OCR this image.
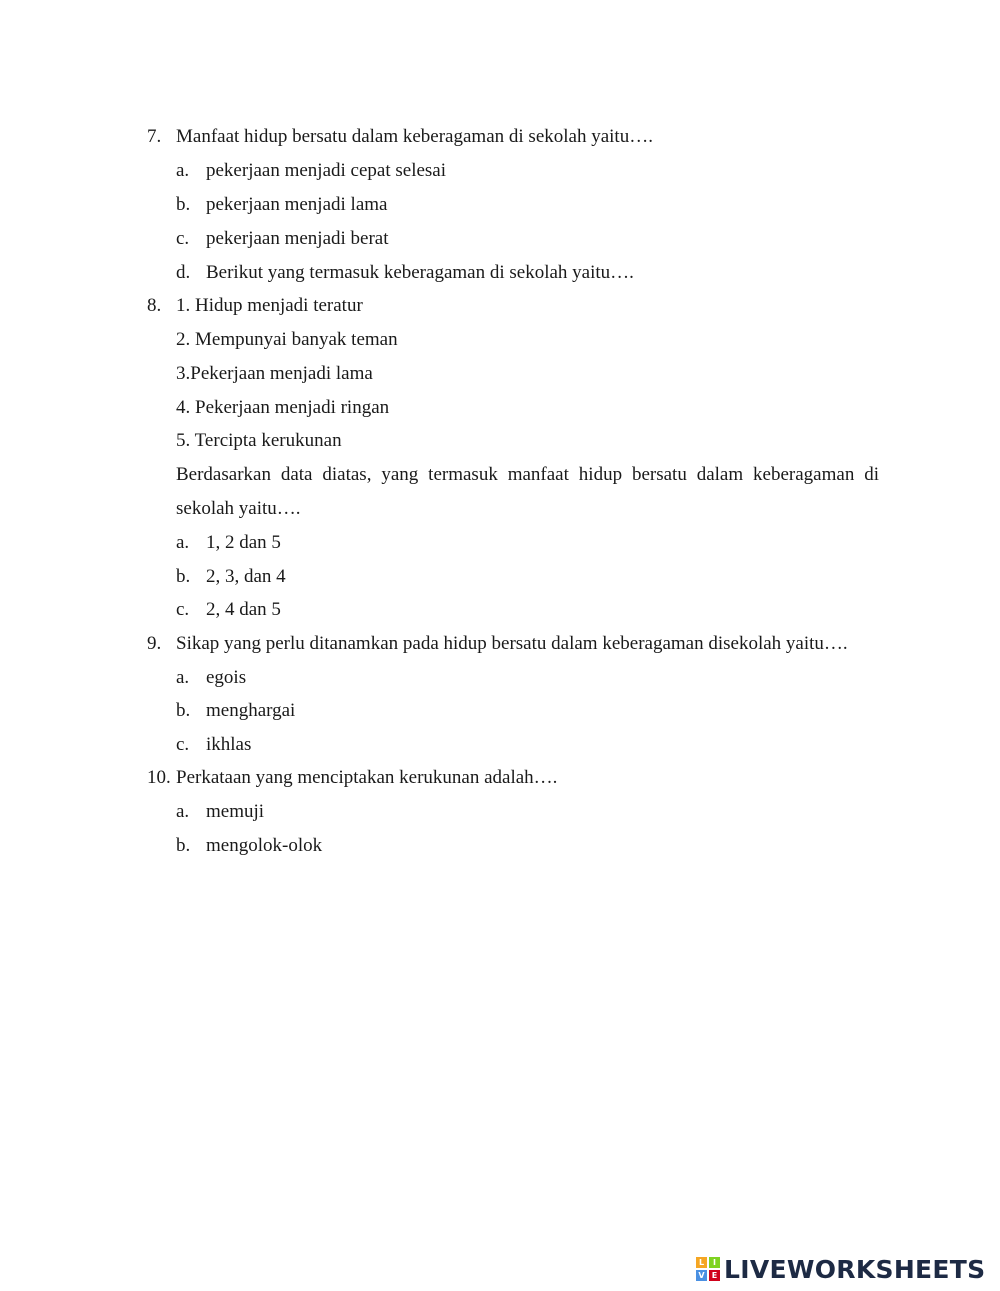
7. Manfaat hidup bersatu dalam keberagaman di sekolah yaitu….
a. pekerjaan menjadi cepat selesai
b. pekerjaan menjadi lama
c. pekerjaan menjadi berat
d. Berikut yang termasuk keberagaman di sekolah yaitu….
8. 1. Hidup menjadi teratur
2. Mempunyai banyak teman
3.Pekerjaan menjadi lama
4. Pekerjaan menjadi ringan
5. Tercipta kerukunan
Berdasarkan data diatas, yang termasuk manfaat hidup bersatu dalam keberagaman di sekolah yaitu….
a. 1, 2 dan 5
b. 2, 3, dan 4
c. 2, 4 dan 5
9. Sikap yang perlu ditanamkan pada hidup bersatu dalam keberagaman disekolah yaitu….
a. egois
b. menghargai
c. ikhlas
10. Perkataan yang menciptakan kerukunan adalah….
a. memuji
b. mengolok-olok
L	I
V E LIVEWORKSHEETS
